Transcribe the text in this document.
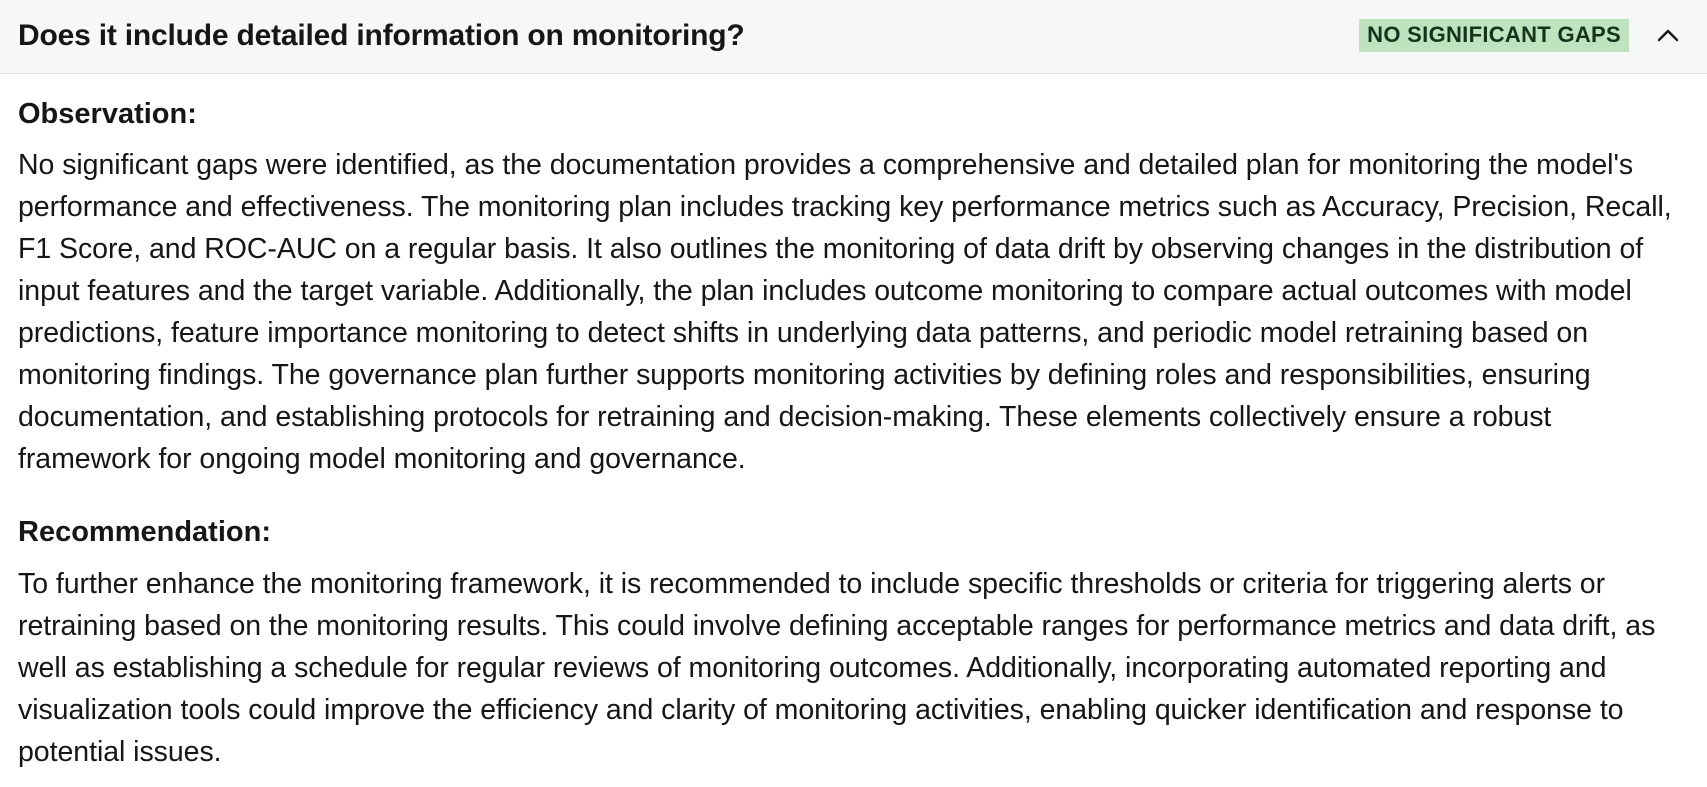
Does it include detailed information on monitoring?	NO SIGNIFICANT GAPS
Observation:

No significant gaps were identified, as the documentation provides a comprehensive and detailed plan for monitoring the model's performance and effectiveness. The monitoring plan includes tracking key performance metrics such as Accuracy, Precision, Recall, F1 Score, and ROC-AUC on a regular basis. It also outlines the monitoring of data drift by observing changes in the distribution of input features and the target variable. Additionally, the plan includes outcome monitoring to compare actual outcomes with model predictions, feature importance monitoring to detect shifts in underlying data patterns, and periodic model retraining based on monitoring findings. The governance plan further supports monitoring activities by defining roles and responsibilities, ensuring documentation, and establishing protocols for retraining and decision-making. These elements collectively ensure a robust framework for ongoing model monitoring and governance.

Recommendation:

To further enhance the monitoring framework, it is recommended to include specific thresholds or criteria for triggering alerts or retraining based on the monitoring results. This could involve defining acceptable ranges for performance metrics and data drift, as well as establishing a schedule for regular reviews of monitoring outcomes. Additionally, incorporating automated reporting and visualization tools could improve the efficiency and clarity of monitoring activities, enabling quicker identification and response to potential issues.
